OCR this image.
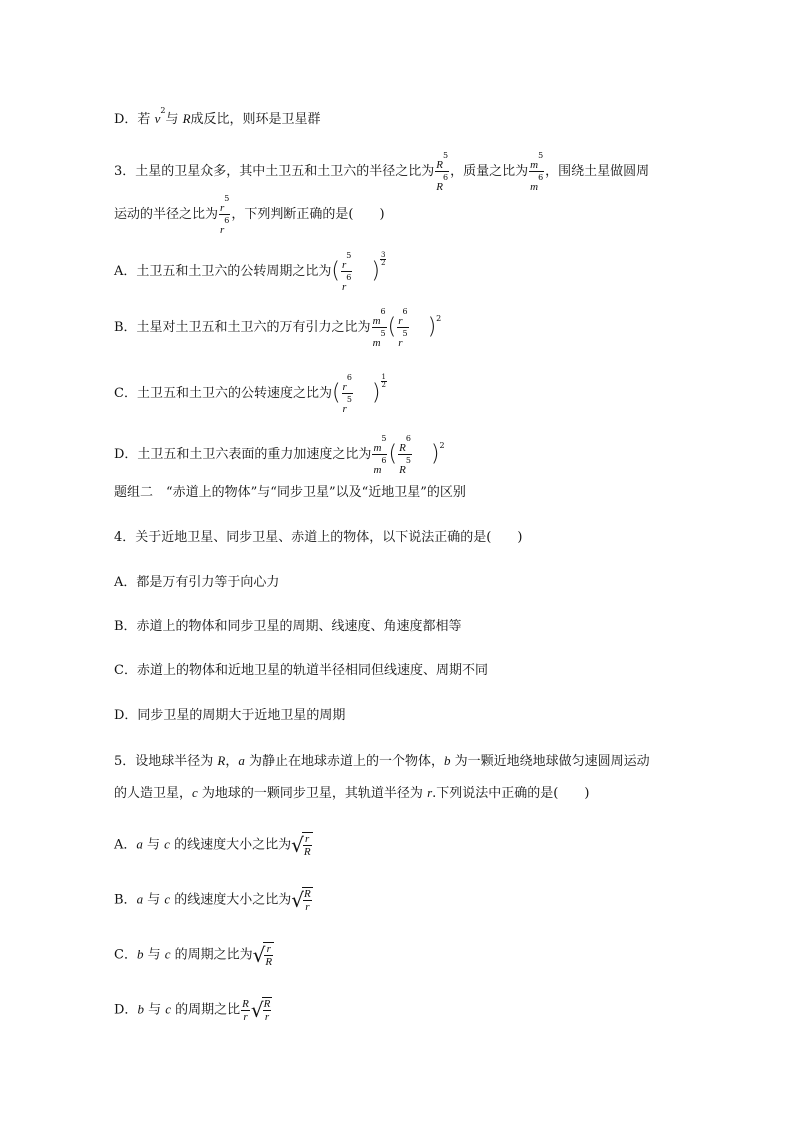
D．若 $v^2$与 R成反比，则环是卫星群
3．土星的卫星众多，其中土卫五和土卫六的半径之比为 $\frac{R^5}{R^6}$ ，质量之比为 $\frac{m^5}{m^6}$ ，围绕土星做圆周
运动的半径之比为 $\frac{r^5}{r^6}$ ，下列判断正确的是(　　)
A．土卫五和土卫六的公转周期之比为( $\frac{r^5}{r^6}$ ) $\frac{3}{2}$
B．土星对土卫五和土卫六的万有引力之比为 $\frac{m^6}{m^5}$ ( $\frac{r^6}{r^5} )^2$
C．土卫五和土卫六的公转速度之比为( $\frac{r^6}{r^5}$ ) $\frac{1}{2}$
D．土卫五和土卫六表面的重力加速度之比为 $\frac{m^5}{m^6}$ ( $\frac{R^6}{R^5} )^2$
题组二　“赤道上的物体”与“同步卫星”以及“近地卫星”的区别
4．关于近地卫星、同步卫星、赤道上的物体，以下说法正确的是(　　)
A．都是万有引力等于向心力
B．赤道上的物体和同步卫星的周期、线速度、角速度都相等
C．赤道上的物体和近地卫星的轨道半径相同但线速度、周期不同
D．同步卫星的周期大于近地卫星的周期
5．设地球半径为 R，a 为静止在地球赤道上的一个物体，b 为一颗近地绕地球做匀速圆周运动
的人造卫星，c 为地球的一颗同步卫星，其轨道半径为 r.下列说法中正确的是(　　)
A．a 与 c 的线速度大小之比为√ $\frac{r}{R}$
B．a 与 c 的线速度大小之比为√ $\frac{R}{r}$
C．b 与 c 的周期之比为√ $\frac{r}{R}$
D．b 与 c 的周期之比 $\frac{R}{r}$ √ $\frac{R}{r}$
